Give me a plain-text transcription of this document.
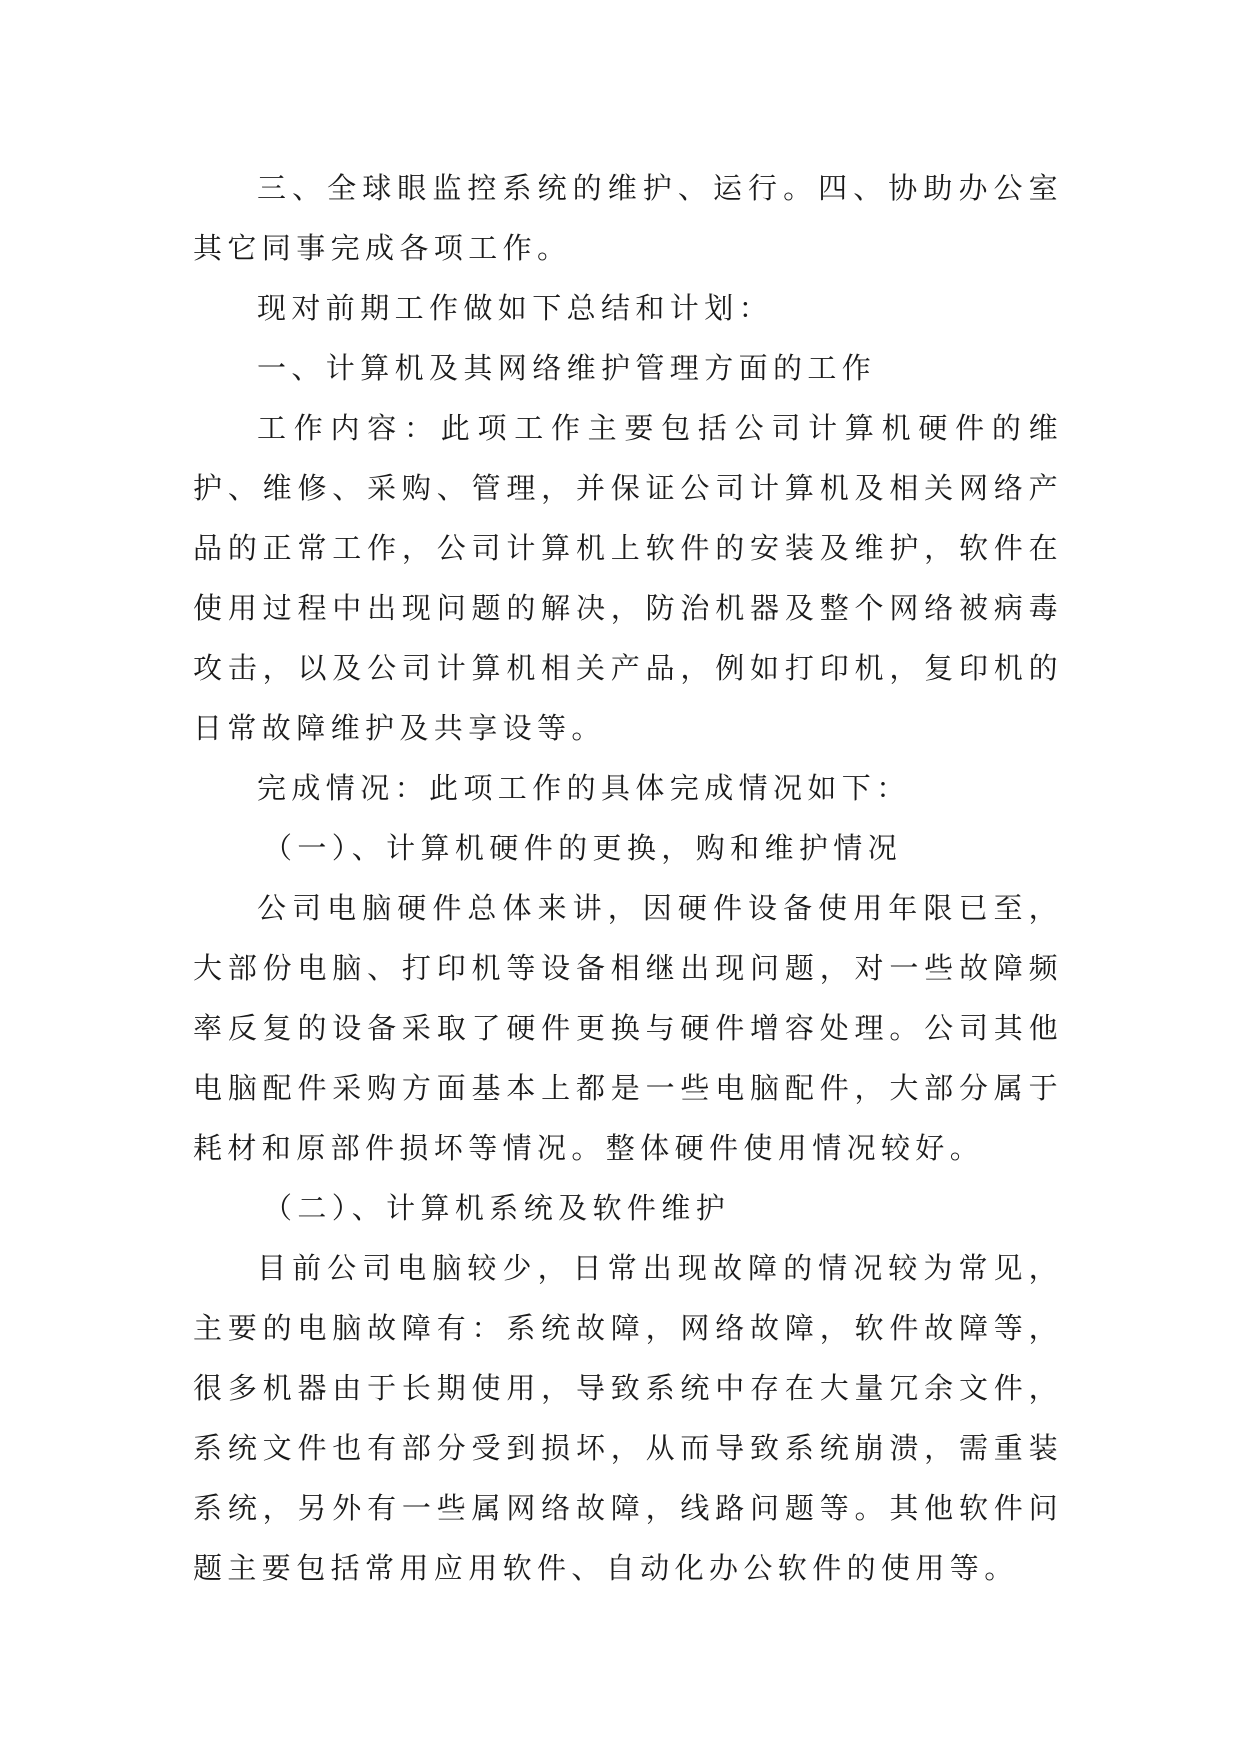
三、全球眼监控系统的维护、运行。四、协助办公室其它同事完成各项工作。

现对前期工作做如下总结和计划：

一、计算机及其网络维护管理方面的工作

工作内容：此项工作主要包括公司计算机硬件的维护、维修、采购、管理，并保证公司计算机及相关网络产品的正常工作，公司计算机上软件的安装及维护，软件在使用过程中出现问题的解决，防治机器及整个网络被病毒攻击，以及公司计算机相关产品，例如打印机，复印机的日常故障维护及共享设等。

完成情况：此项工作的具体完成情况如下：

（一）、计算机硬件的更换，购和维护情况

公司电脑硬件总体来讲，因硬件设备使用年限已至，大部份电脑、打印机等设备相继出现问题，对一些故障频率反复的设备采取了硬件更换与硬件增容处理。公司其他电脑配件采购方面基本上都是一些电脑配件，大部分属于耗材和原部件损坏等情况。整体硬件使用情况较好。

（二）、计算机系统及软件维护

目前公司电脑较少，日常出现故障的情况较为常见，主要的电脑故障有：系统故障，网络故障，软件故障等，很多机器由于长期使用，导致系统中存在大量冗余文件，系统文件也有部分受到损坏，从而导致系统崩溃，需重装系统，另外有一些属网络故障，线路问题等。其他软件问题主要包括常用应用软件、自动化办公软件的使用等。
